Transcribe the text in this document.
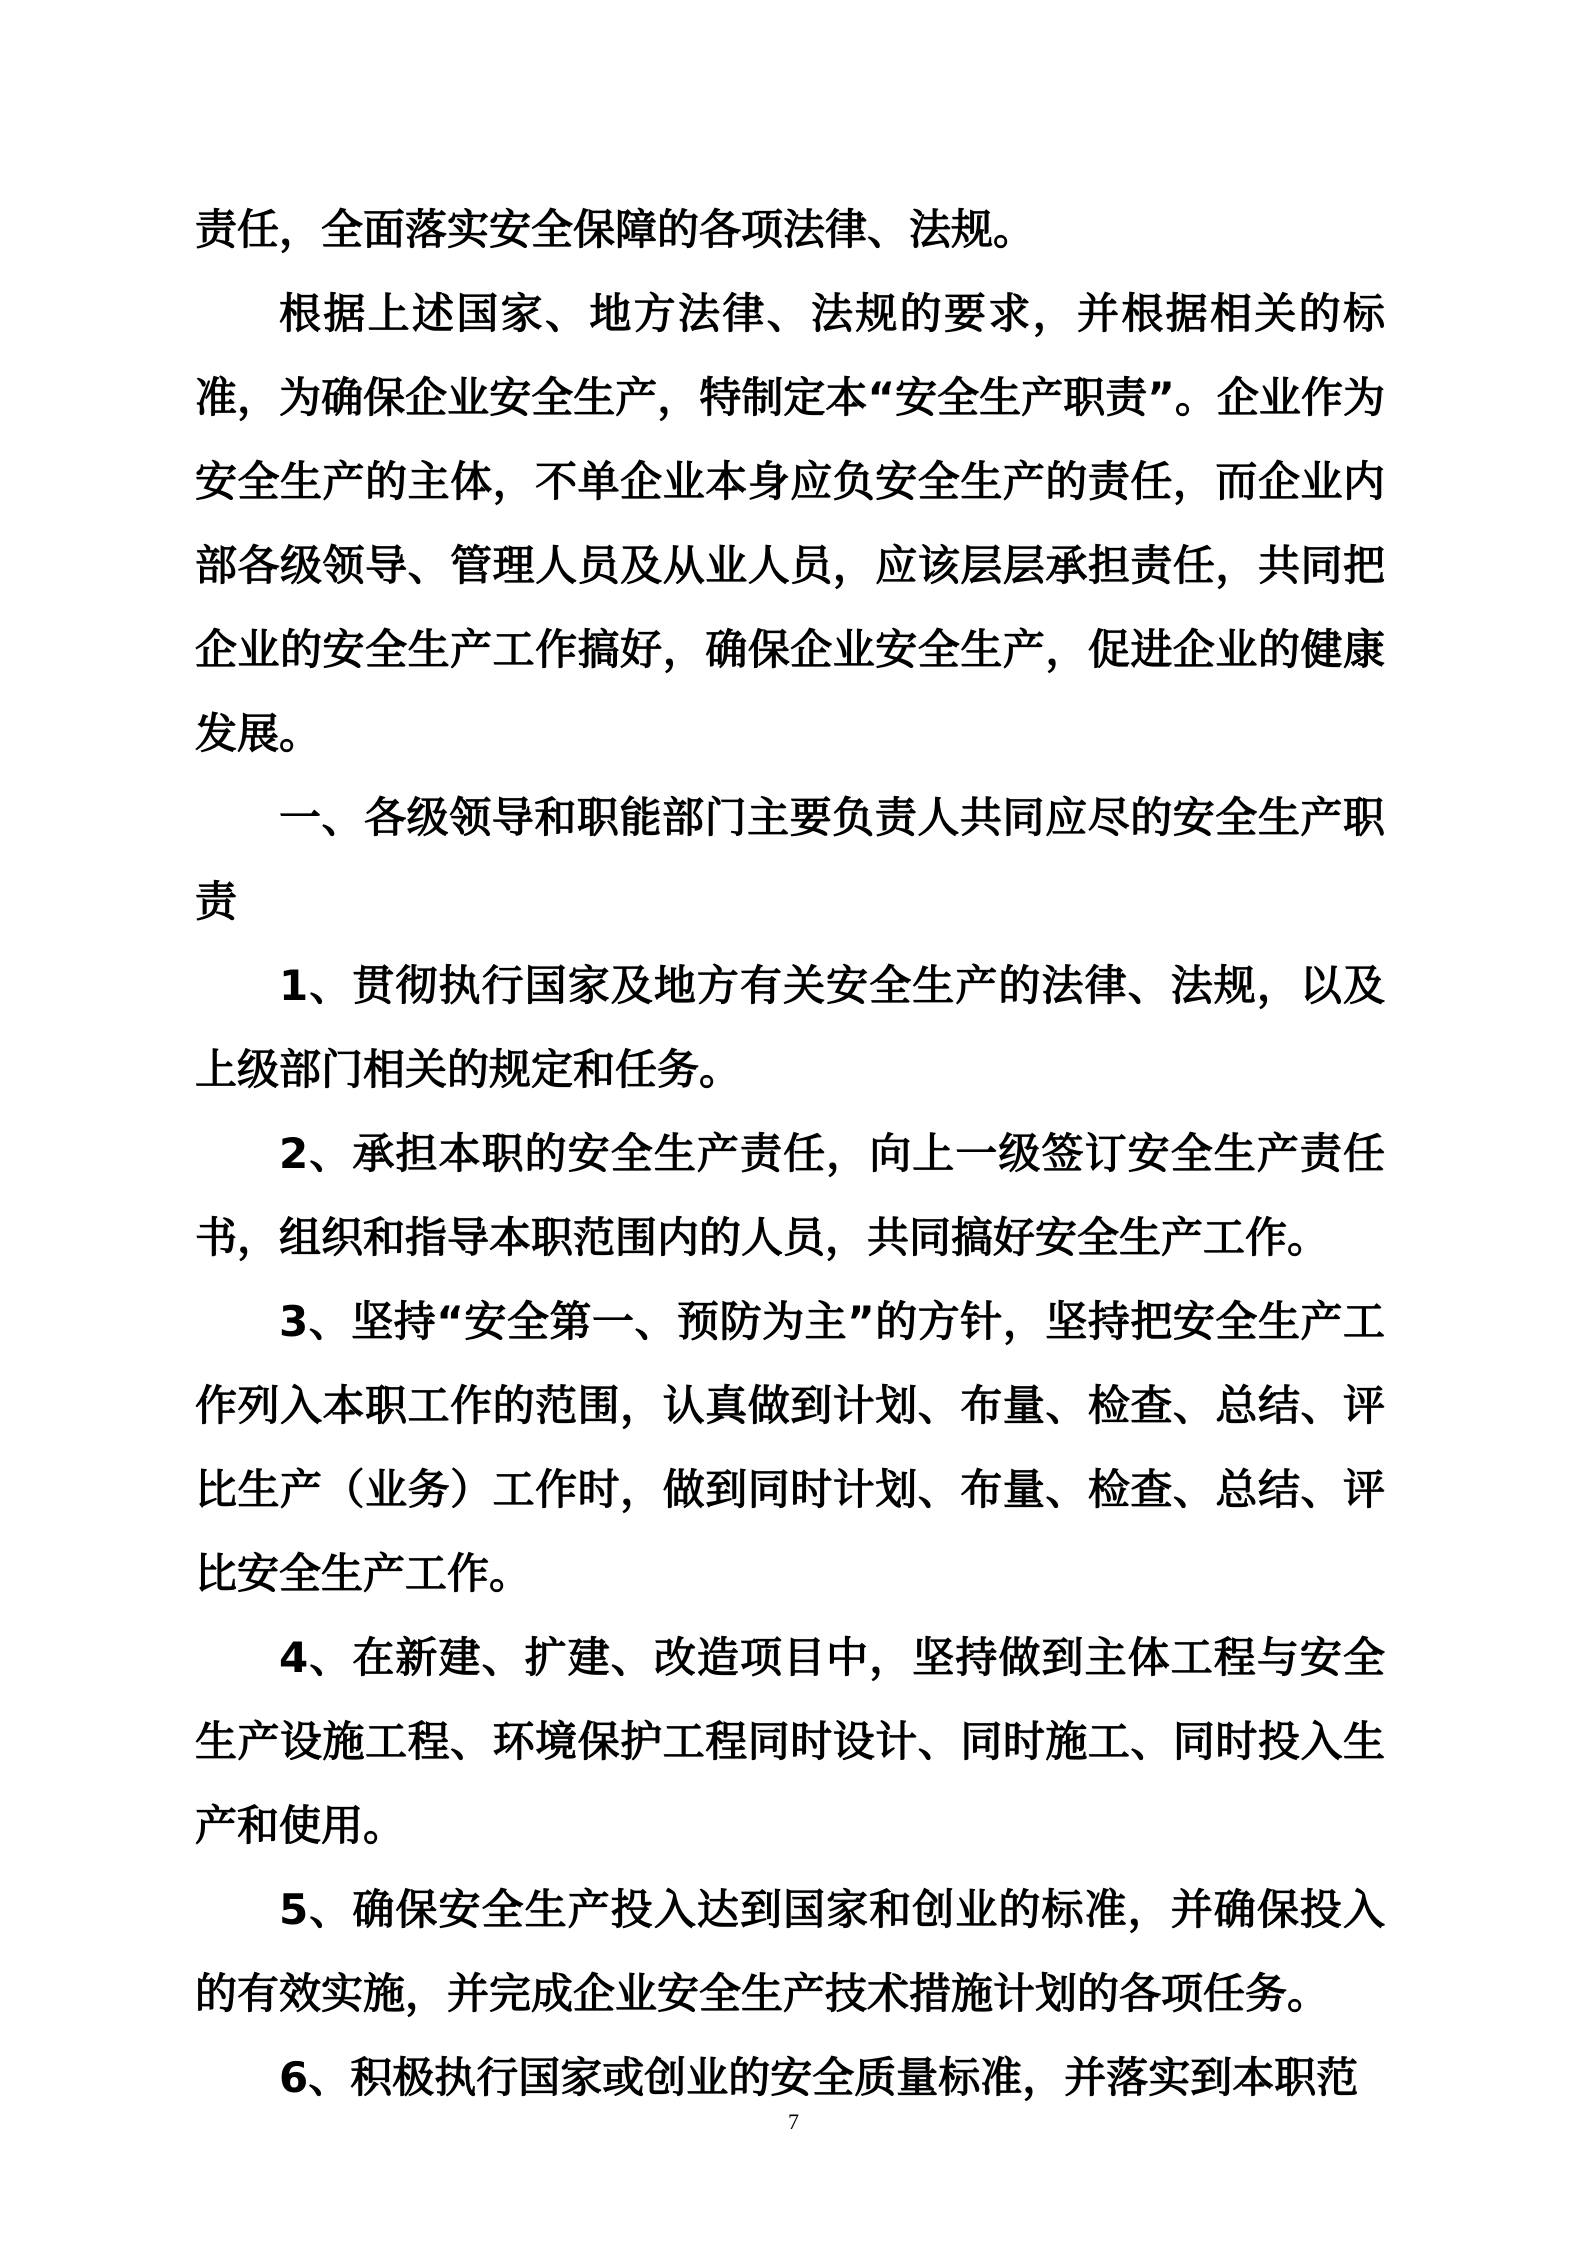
责任，全面落实安全保障的各项法律、法规。

根据上述国家、地方法律、法规的要求，并根据相关的标准，为确保企业安全生产，特制定本“安全生产职责”。企业作为安全生产的主体，不单企业本身应负安全生产的责任，而企业内部各级领导、管理人员及从业人员，应该层层承担责任，共同把企业的安全生产工作搞好，确保企业安全生产，促进企业的健康发展。

一、各级领导和职能部门主要负责人共同应尽的安全生产职责

1、贯彻执行国家及地方有关安全生产的法律、法规，以及上级部门相关的规定和任务。

2、承担本职的安全生产责任，向上一级签订安全生产责任书，组织和指导本职范围内的人员，共同搞好安全生产工作。

3、坚持“安全第一、预防为主”的方针，坚持把安全生产工作列入本职工作的范围，认真做到计划、布量、检查、总结、评比生产（业务）工作时，做到同时计划、布量、检查、总结、评比安全生产工作。

4、在新建、扩建、改造项目中，坚持做到主体工程与安全生产设施工程、环境保护工程同时设计、同时施工、同时投入生产和使用。

5、确保安全生产投入达到国家和创业的标准，并确保投入的有效实施，并完成企业安全生产技术措施计划的各项任务。

6、积极执行国家或创业的安全质量标准，并落实到本职范

7
